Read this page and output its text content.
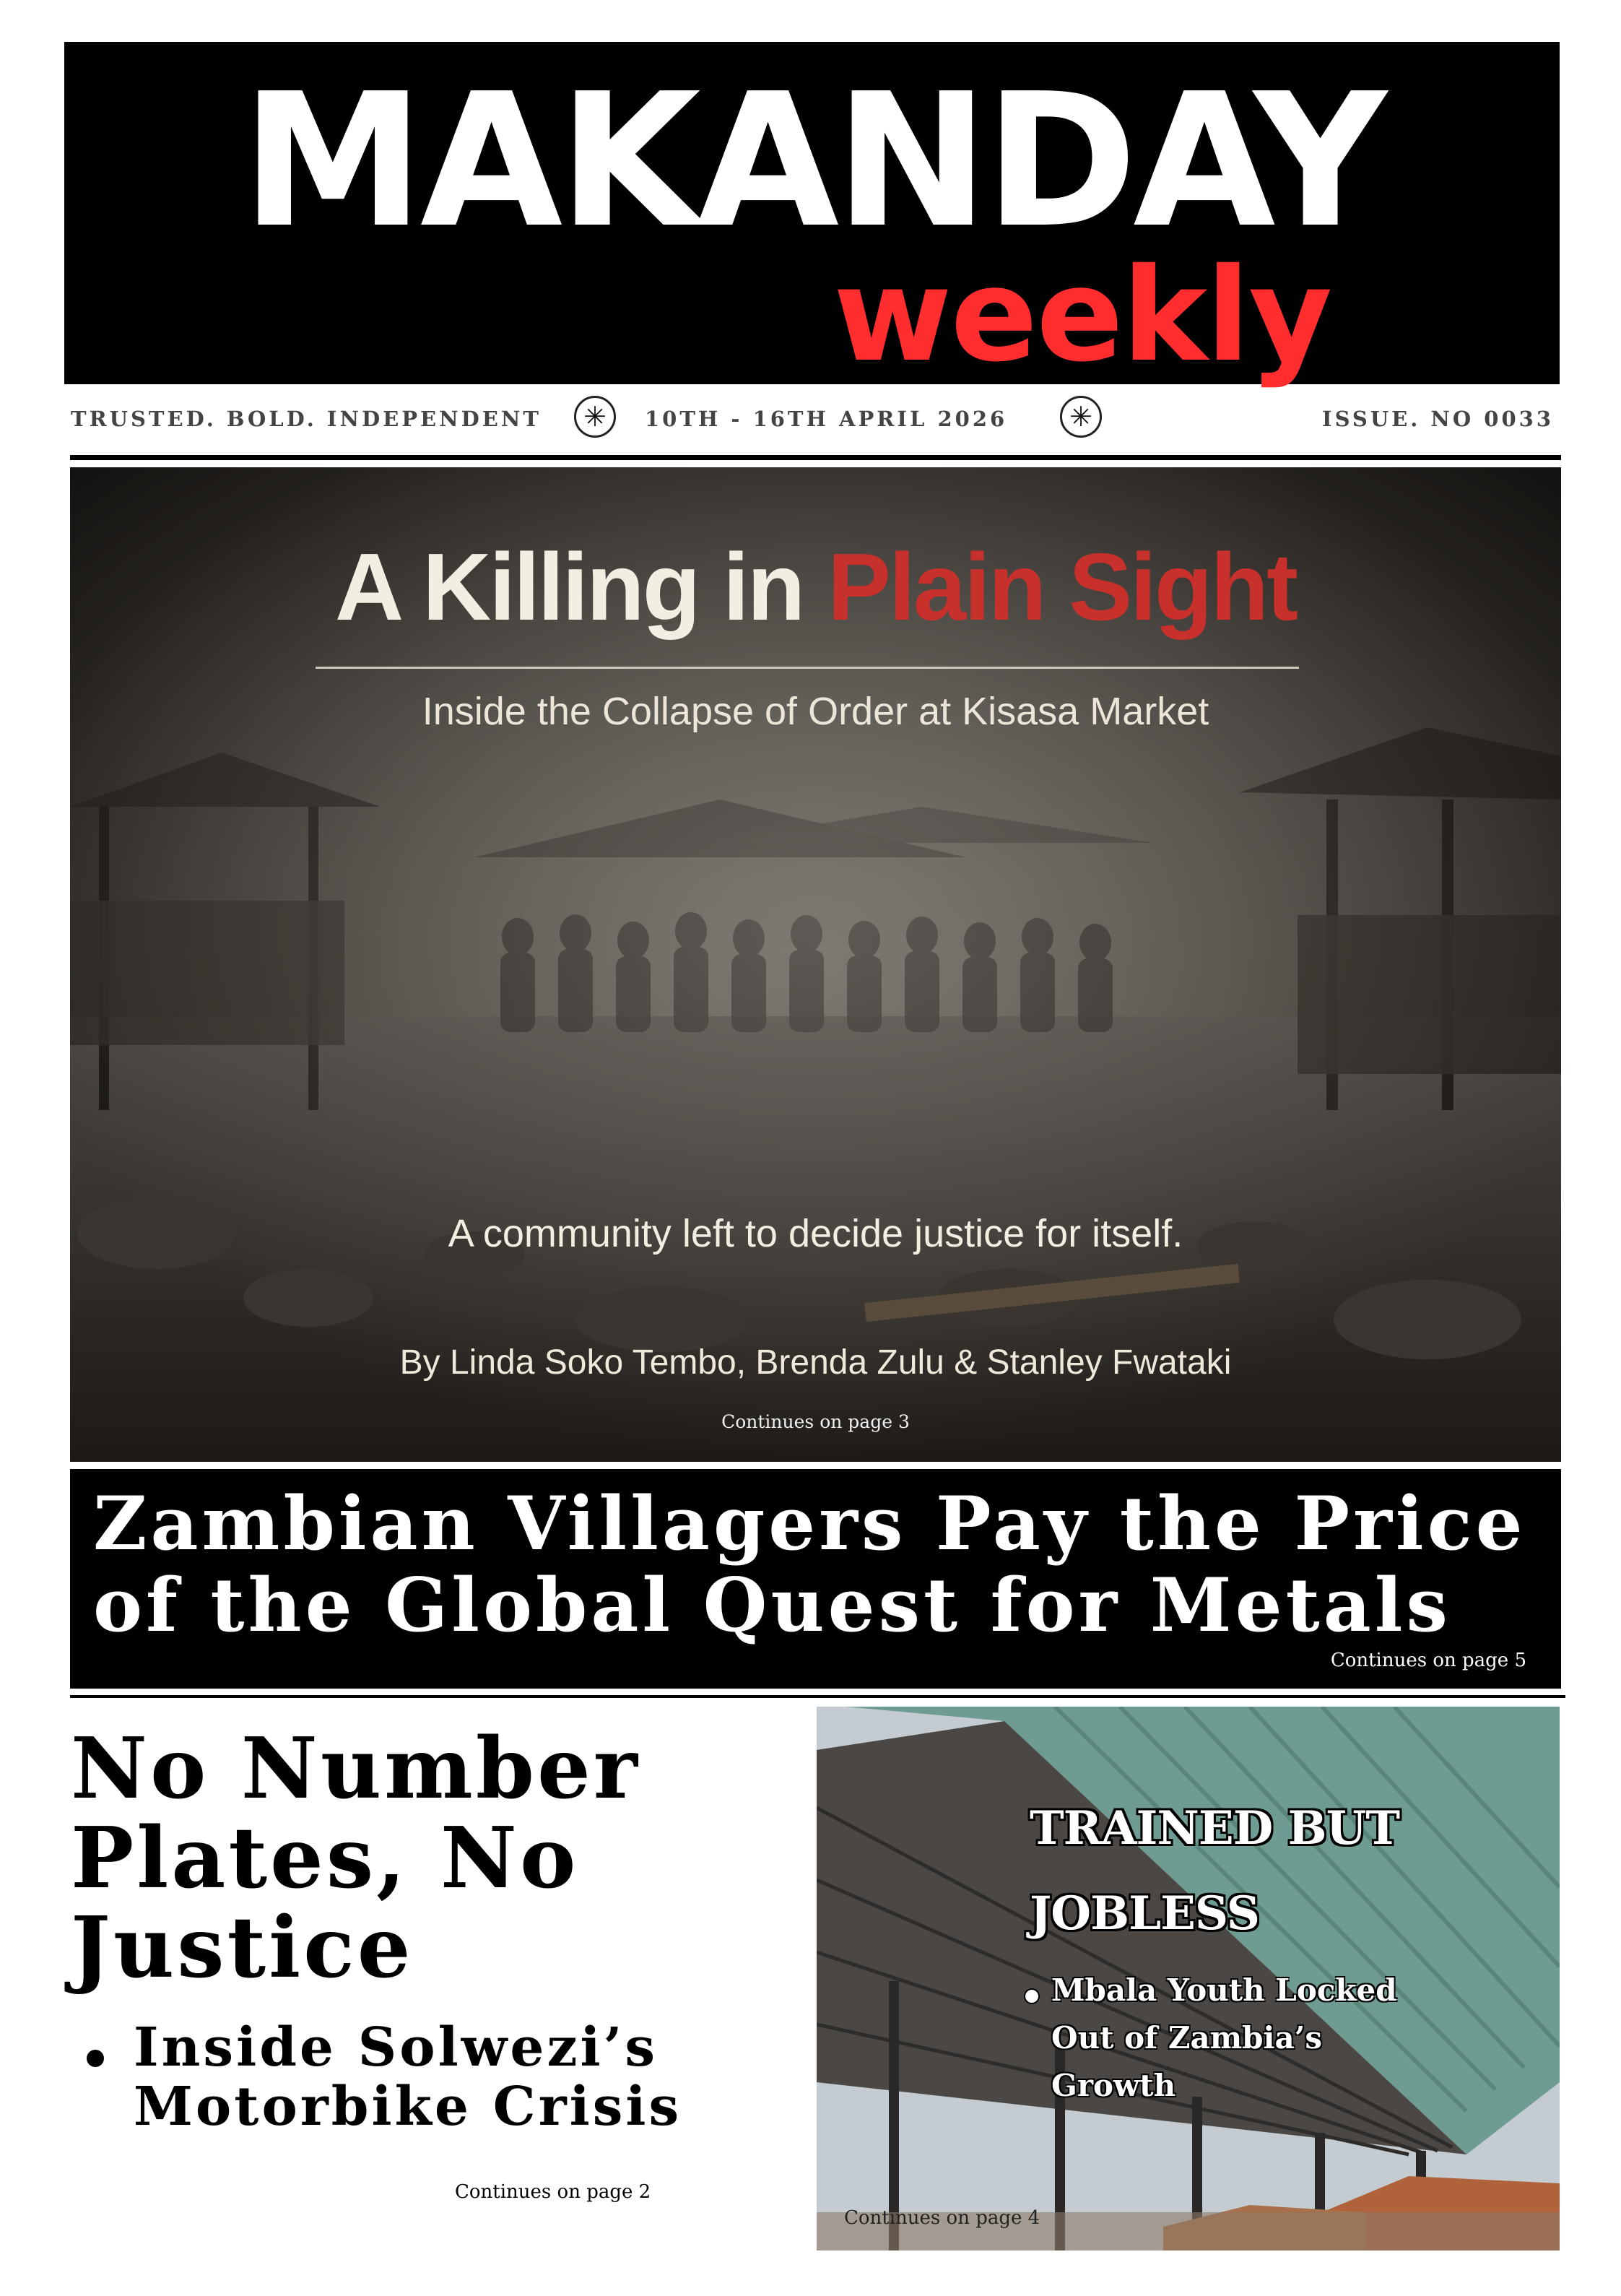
MAKANDAY
weekly
TRUSTED. BOLD. INDEPENDENT	✳	10TH - 16TH APRIL 2026	✳	ISSUE. NO 0033
A Killing in Plain Sight
Inside the Collapse of Order at Kisasa Market
A community left to decide justice for itself.
By Linda Soko Tembo, Brenda Zulu & Stanley Fwataki
Continues on page 3
Zambian Villagers Pay the Price of the Global Quest for Metals
Continues on page 5
No Number Plates, No Justice
Inside Solwezi’s Motorbike Crisis
Continues on page 2
TRAINED BUT JOBLESS
Mbala Youth Locked Out of Zambia’s Growth
Continues on page 4
